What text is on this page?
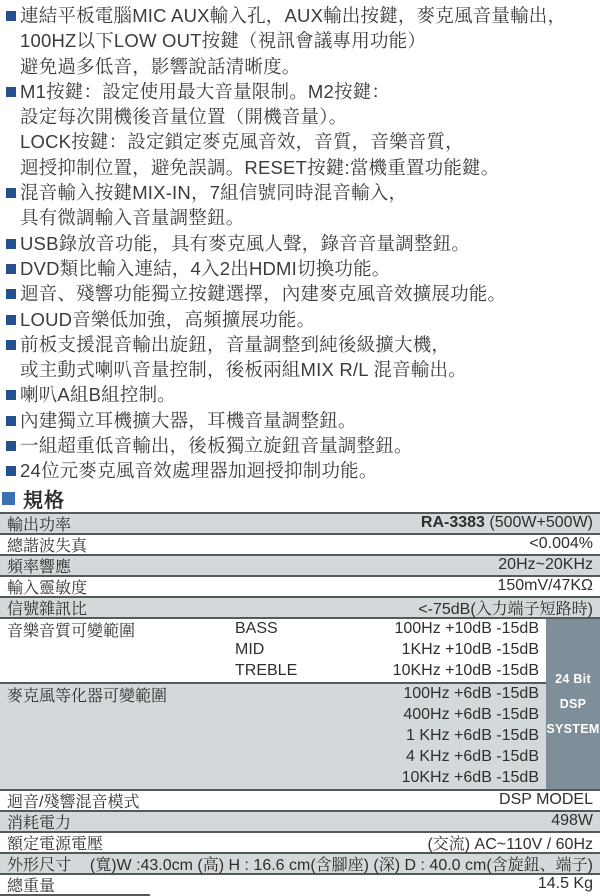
連結平板電腦MIC AUX輸入孔，AUX輸出按鍵，麥克風音量輸出，
100HZ以下LOW OUT按鍵（視訊會議專用功能）
避免過多低音，影響說話清晰度。
M1按鍵：設定使用最大音量限制。M2按鍵：
設定每次開機後音量位置（開機音量）。
LOCK按鍵：設定鎖定麥克風音效，音質，音樂音質，
迴授抑制位置，避免誤調。RESET按鍵:當機重置功能鍵。
混音輸入按鍵MIX-IN，7組信號同時混音輸入，
具有微調輸入音量調整鈕。
USB錄放音功能，具有麥克風人聲，錄音音量調整鈕。
DVD類比輸入連結，4入2出HDMI切換功能。
迴音、殘響功能獨立按鍵選擇，內建麥克風音效擴展功能。
LOUD音樂低加強，高頻擴展功能。
前板支援混音輸出旋鈕，音量調整到純後級擴大機，
或主動式喇叭音量控制，後板兩組MIX R/L 混音輸出。
喇叭A組B組控制。
內建獨立耳機擴大器，耳機音量調整鈕。
一組超重低音輸出，後板獨立旋鈕音量調整鈕。
24位元麥克風音效處理器加迴授抑制功能。
規格
輸出功率	RA-3383 (500W+500W)
總諧波失真	<0.004%
頻率響應	20Hz~20KHz
輸入靈敏度	150mV/47KΩ
信號雜訊比	<-75dB(入力端子短路時)
音樂音質可變範圍	BASS	100Hz +10dB -15dB
MID	1KHz +10dB -15dB
TREBLE	10KHz +10dB -15dB
麥克風等化器可變範圍	100Hz +6dB -15dB
400Hz +6dB -15dB
1 KHz +6dB -15dB
4 KHz +6dB -15dB
10KHz +6dB -15dB
24 Bit
DSP
SYSTEM
迴音/殘響混音模式	DSP MODEL
消耗電力	498W
額定電源電壓	(交流) AC~110V / 60Hz
外形尺寸	(寬)W :43.0cm (高) H : 16.6 cm(含腳座) (深) D : 40.0 cm(含旋鈕、端子)
總重量	14.5 Kg
